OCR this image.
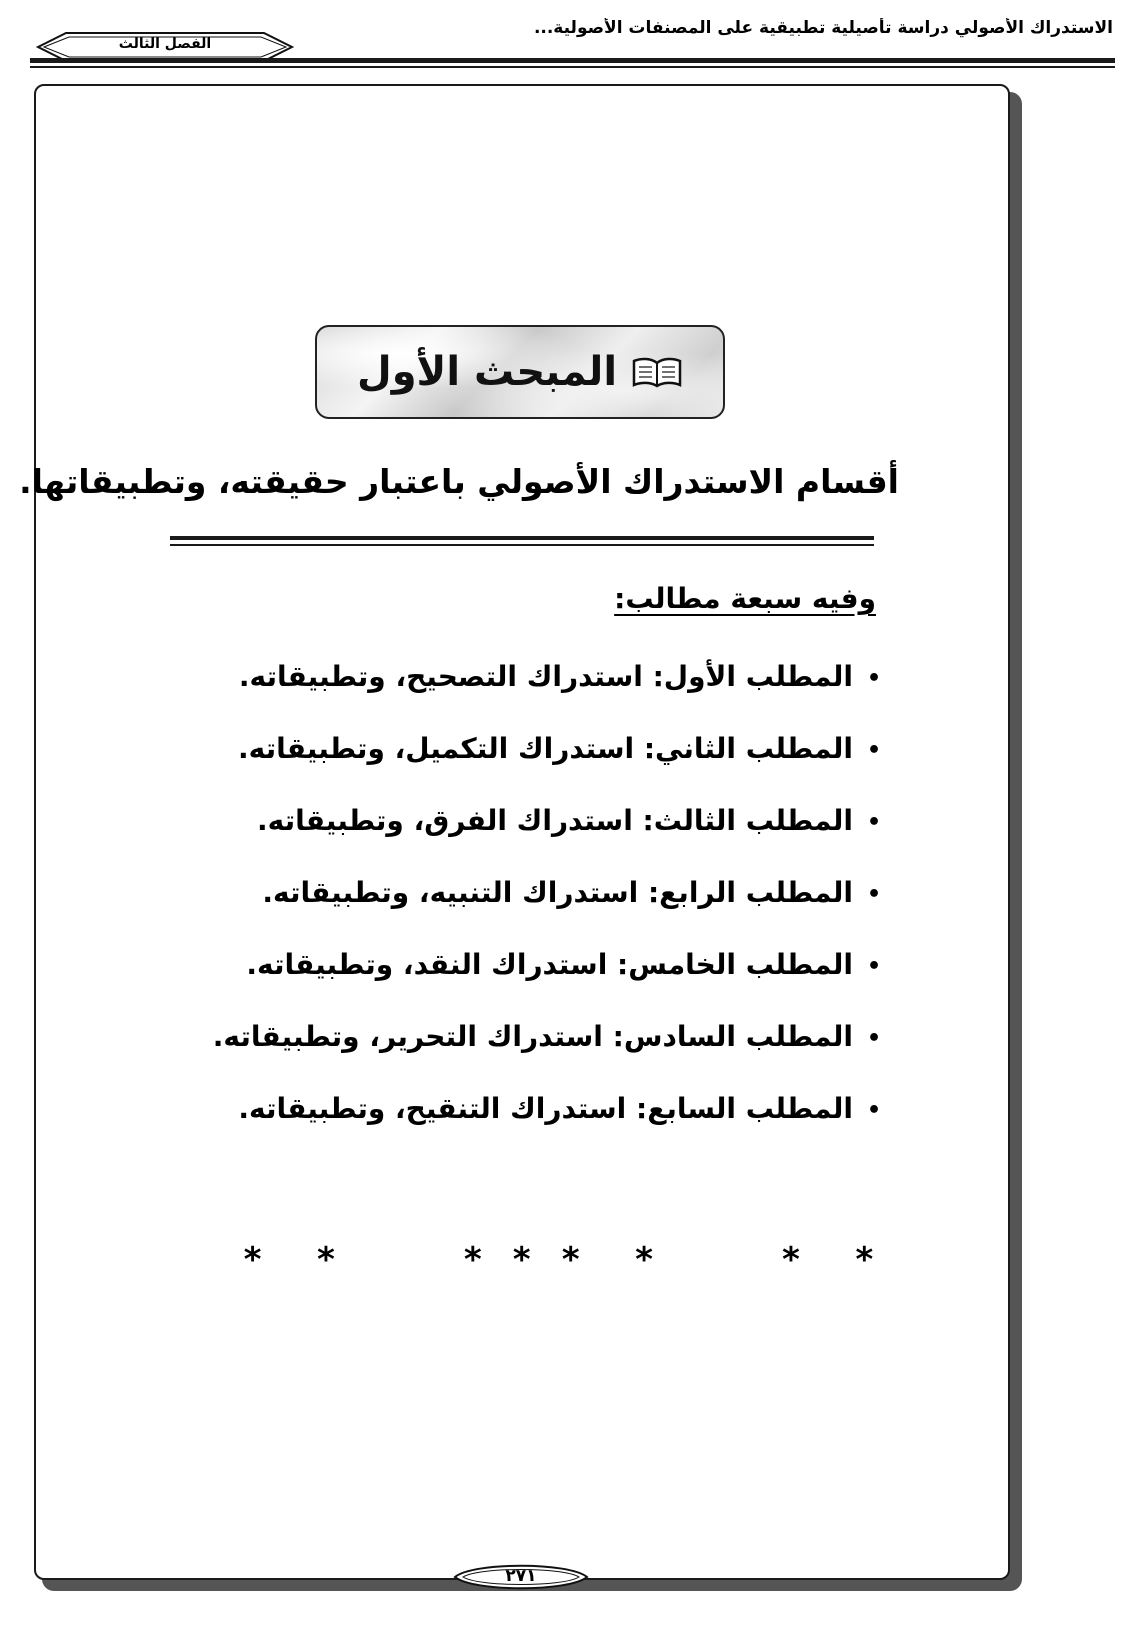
الاستدراك الأصولي دراسة تأصيلية تطبيقية على المصنفات الأصولية...
الفصل الثالث
المبحث الأول
أقسام الاستدراك الأصولي باعتبار حقيقته، وتطبيقاتها.
وفيه سبعة مطالب:
•المطلب الأول: استدراك التصحيح، وتطبيقاته.
•المطلب الثاني: استدراك التكميل، وتطبيقاته.
•المطلب الثالث: استدراك الفرق، وتطبيقاته.
•المطلب الرابع: استدراك التنبيه، وتطبيقاته.
•المطلب الخامس: استدراك النقد، وتطبيقاته.
•المطلب السادس: استدراك التحرير، وتطبيقاته.
•المطلب السابع: استدراك التنقيح، وتطبيقاته.
*  *     * * *  *     *  *
٢٧١
